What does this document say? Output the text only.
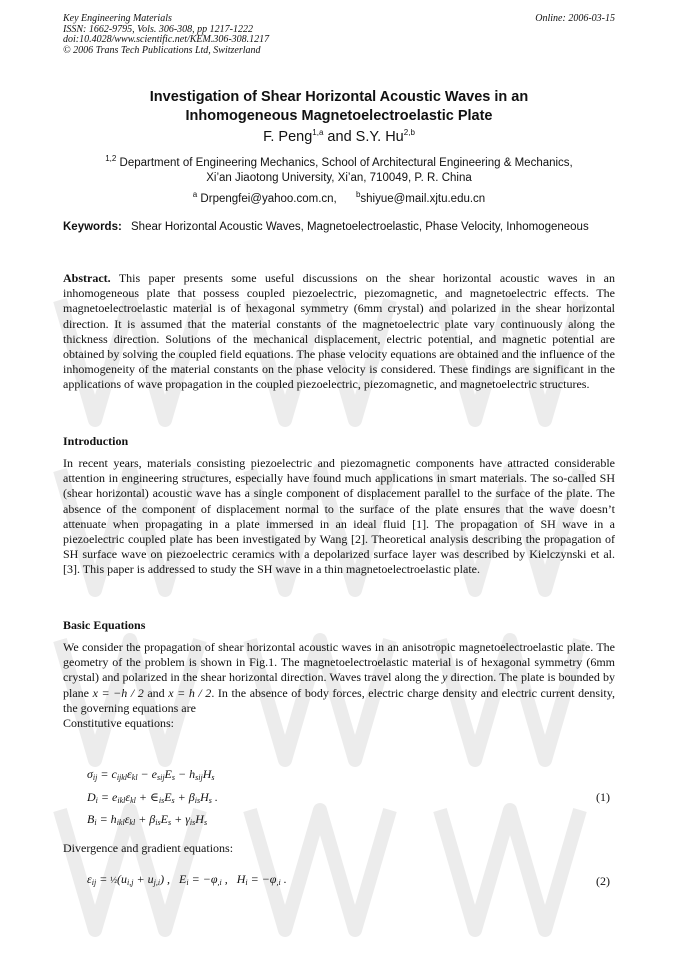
Key Engineering Materials
ISSN: 1662-9795, Vols. 306-308, pp 1217-1222
doi:10.4028/www.scientific.net/KEM.306-308.1217
© 2006 Trans Tech Publications Ltd, Switzerland
Online: 2006-03-15
Investigation of Shear Horizontal Acoustic Waves in an
Inhomogeneous Magnetoelectroelastic Plate
F. Peng$^{1,a}$ and S.Y. Hu$^{2,b}$
$^{1,2}$ Department of Engineering Mechanics, School of Architectural Engineering & Mechanics,
Xi’an Jiaotong University, Xi’an, 710049, P. R. China
$^a$ Drpengfei@yahoo.com.cn, $^b$shiyue@mail.xjtu.edu.cn
Keywords: Shear Horizontal Acoustic Waves, Magnetoelectroelastic, Phase Velocity, Inhomogeneous
Abstract. This paper presents some useful discussions on the shear horizontal acoustic waves in an inhomogeneous plate that possess coupled piezoelectric, piezomagnetic, and magnetoelectric effects. The magnetoelectroelastic material is of hexagonal symmetry (6mm crystal) and polarized in the shear horizontal direction. It is assumed that the material constants of the magnetoelectric plate vary continuously along the thickness direction. Solutions of the mechanical displacement, electric potential, and magnetic potential are obtained by solving the coupled field equations. The phase velocity equations are obtained and the influence of the inhomogeneity of the material constants on the phase velocity is considered. These findings are significant in the applications of wave propagation in the coupled piezoelectric, piezomagnetic, and magnetoelectric structures.
Introduction
In recent years, materials consisting piezoelectric and piezomagnetic components have attracted considerable attention in engineering structures, especially have found much applications in smart materials. The so-called SH (shear horizontal) acoustic wave has a single component of displacement parallel to the surface of the plate. The absence of the component of displacement normal to the surface of the plate ensures that the wave doesn’t attenuate when propagating in a plate immersed in an ideal fluid [1]. The propagation of SH wave in a piezoelectric coupled plate has been investigated by Wang [2]. Theoretical analysis describing the propagation of SH surface wave on piezoelectric ceramics with a depolarized surface layer was described by Kielczynski et al. [3]. This paper is addressed to study the SH wave in a thin magnetoelectroelastic plate.
Basic Equations
We consider the propagation of shear horizontal acoustic waves in an anisotropic magnetoelectroelastic plate. The geometry of the problem is shown in Fig.1. The magnetoelectroelastic material is of hexagonal symmetry (6mm crystal) and polarized in the shear horizontal direction. Waves travel along the y direction. The plate is bounded by plane x = −h / 2 and x = h / 2. In the absence of body forces, electric charge density and electric current density, the governing equations are
Constitutive equations:
$\sigma_{ij} = c_{ijkl}\varepsilon_{kl} - e_{sij}E_s - h_{sij}H_s$
$D_i = e_{ikl}\varepsilon_{kl}$ + $\in_{is}E_s + \beta_{is}H_s$ .
$B_i = h_{ikl}\varepsilon_{kl} + \beta_{is}E_s + \gamma_{is}H_s$
(1)
Divergence and gradient equations:
$\varepsilon_{ij}$ = $\frac{1}{2}(u_{i,j} + u_{j,i})$ ,   $E_i = -\varphi_{,i}$ ,   $H_i = -\varphi_{,i}$ .	(2)
